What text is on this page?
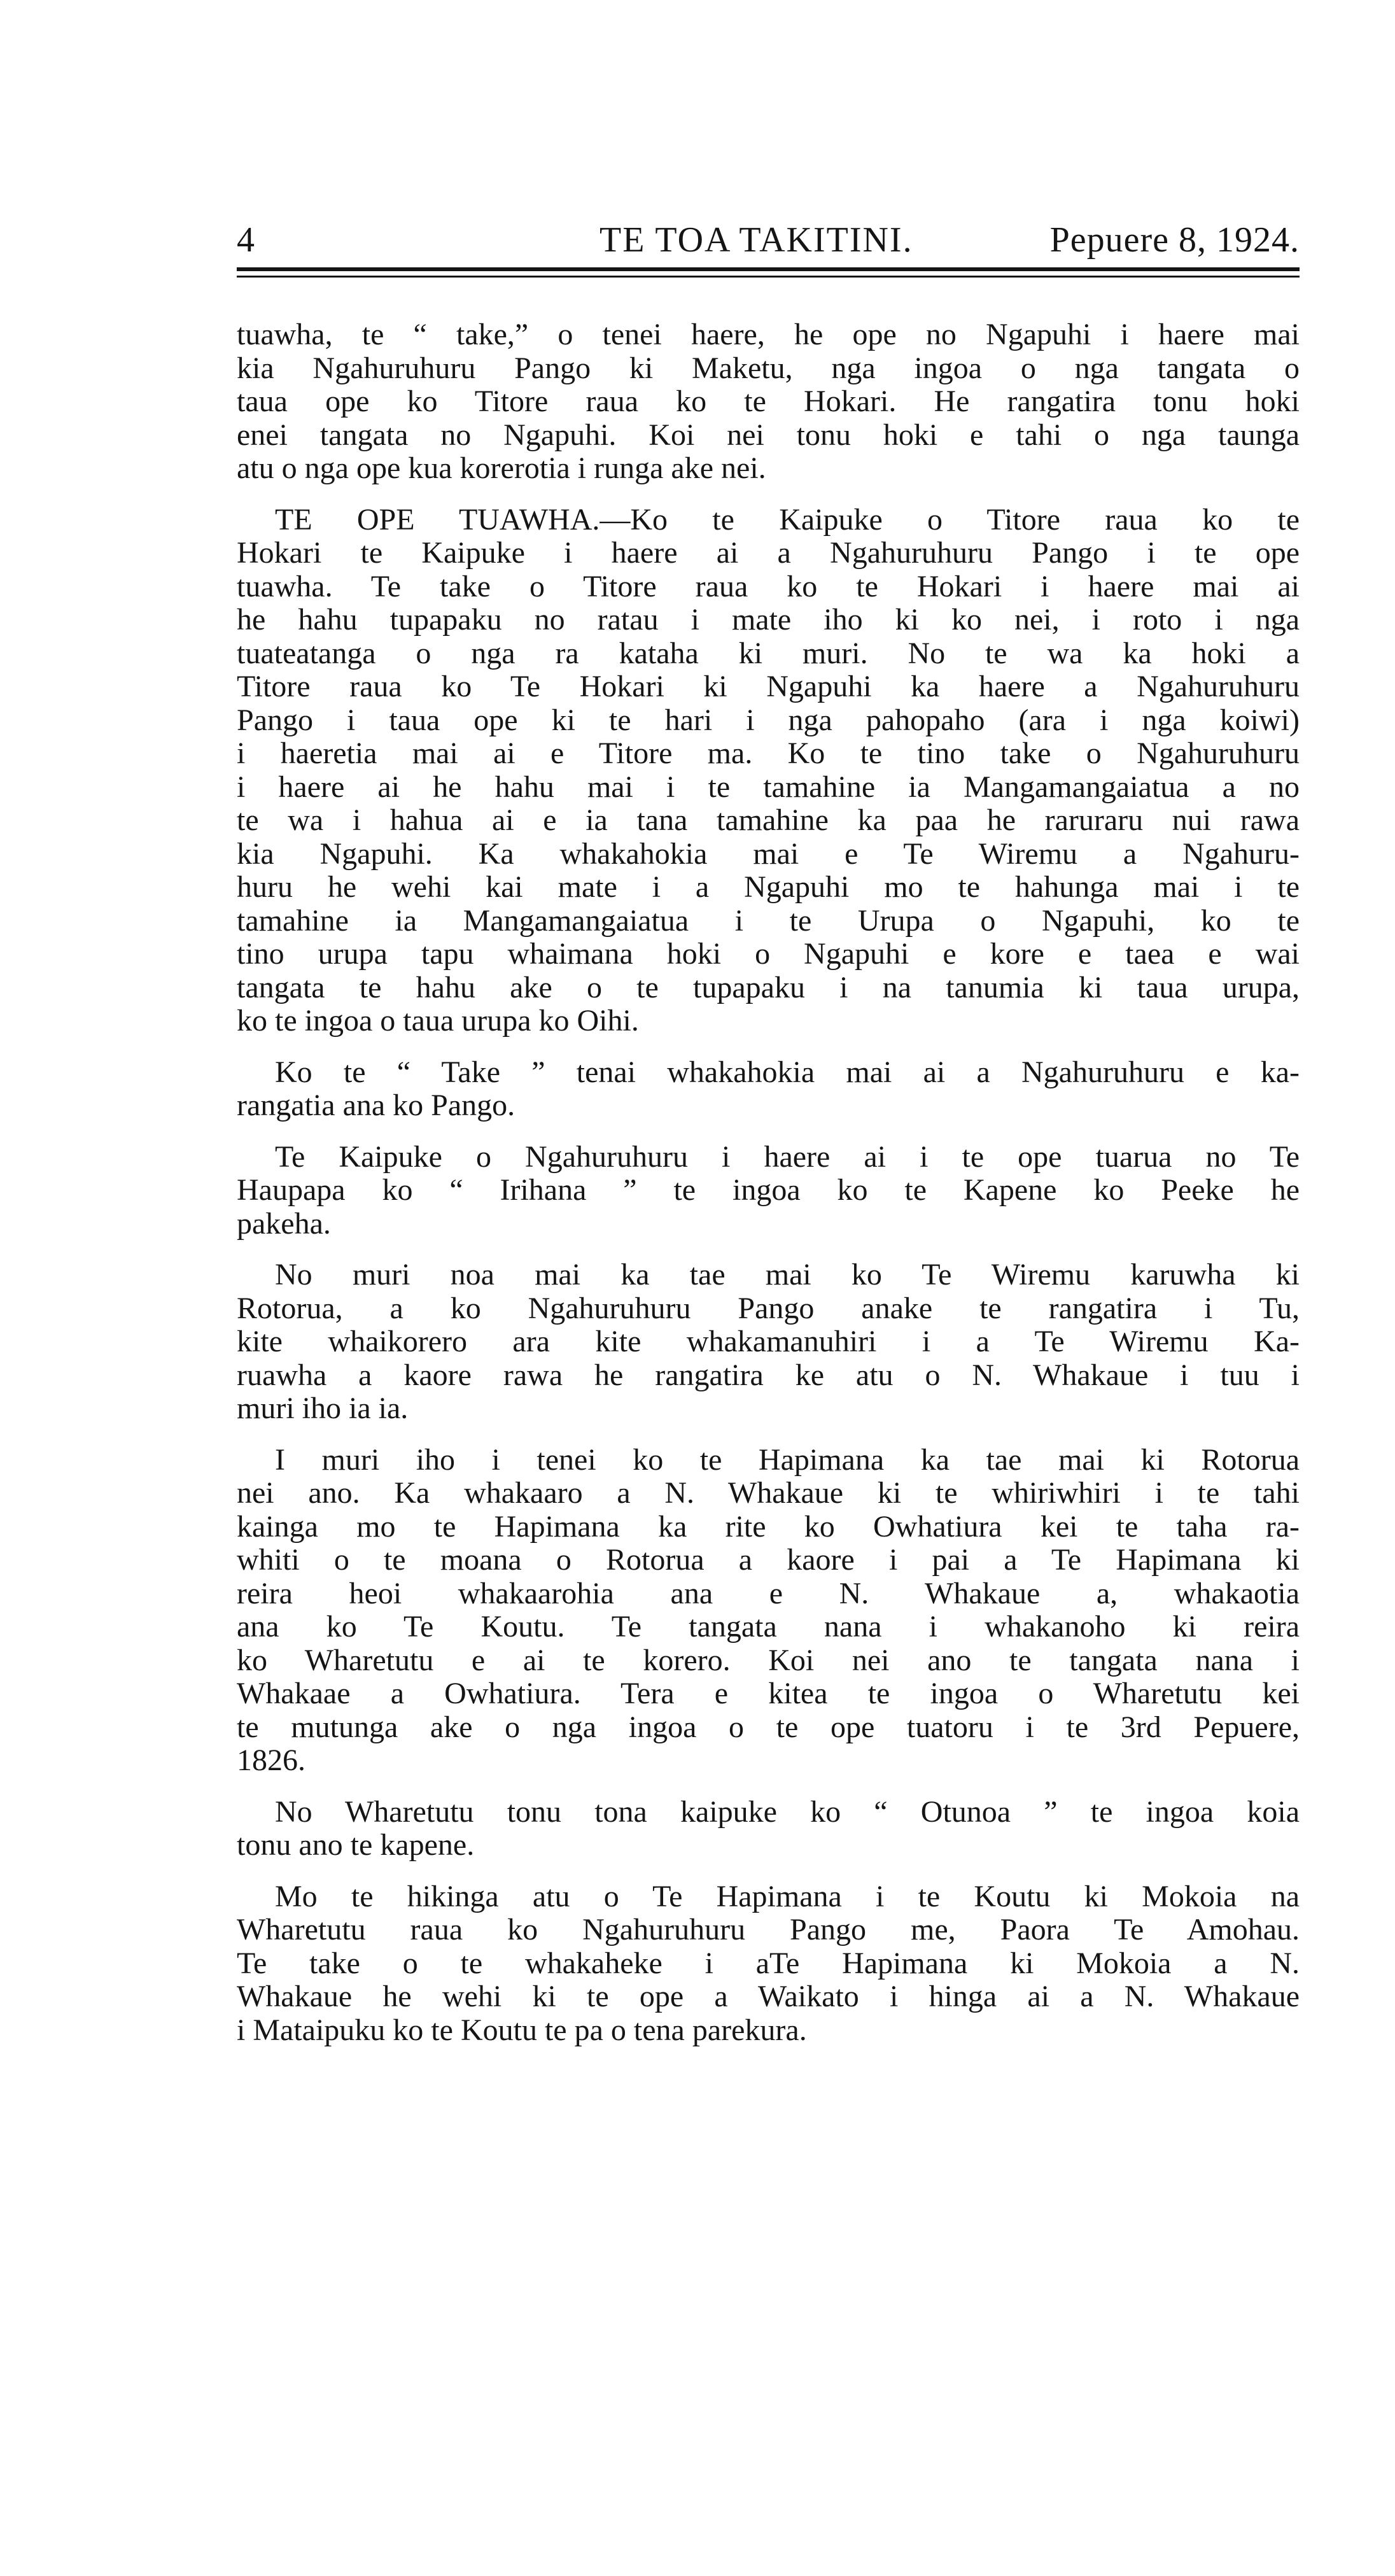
4	TE TOA TAKITINI.	Pepuere 8, 1924.

tuawha, te “ take,” o tenei haere, he ope no Ngapuhi i haere mai
kia Ngahuruhuru Pango ki Maketu, nga ingoa o nga tangata o
taua ope ko Titore raua ko te Hokari. He rangatira tonu hoki
enei tangata no Ngapuhi. Koi nei tonu hoki e tahi o nga taunga
atu o nga ope kua korerotia i runga ake nei.

TE OPE TUAWHA.—Ko te Kaipuke o Titore raua ko te
Hokari te Kaipuke i haere ai a Ngahuruhuru Pango i te ope
tuawha. Te take o Titore raua ko te Hokari i haere mai ai
he hahu tupapaku no ratau i mate iho ki ko nei, i roto i nga
tuateatanga o nga ra kataha ki muri. No te wa ka hoki a
Titore raua ko Te Hokari ki Ngapuhi ka haere a Ngahuruhuru
Pango i taua ope ki te hari i nga pahopaho (ara i nga koiwi)
i haeretia mai ai e Titore ma. Ko te tino take o Ngahuruhuru
i haere ai he hahu mai i te tamahine ia Mangamangaiatua a no
te wa i hahua ai e ia tana tamahine ka paa he raruraru nui rawa
kia Ngapuhi. Ka whakahokia mai e Te Wiremu a Ngahuru-
huru he wehi kai mate i a Ngapuhi mo te hahunga mai i te
tamahine ia Mangamangaiatua i te Urupa o Ngapuhi, ko te
tino urupa tapu whaimana hoki o Ngapuhi e kore e taea e wai
tangata te hahu ake o te tupapaku i na tanumia ki taua urupa,
ko te ingoa o taua urupa ko Oihi.

Ko te “ Take ” tenai whakahokia mai ai a Ngahuruhuru e ka-
rangatia ana ko Pango.

Te Kaipuke o Ngahuruhuru i haere ai i te ope tuarua no Te
Haupapa ko “ Irihana ” te ingoa ko te Kapene ko Peeke he
pakeha.

No muri noa mai ka tae mai ko Te Wiremu karuwha ki
Rotorua, a ko Ngahuruhuru Pango anake te rangatira i Tu,
kite whaikorero ara kite whakamanuhiri i a Te Wiremu Ka-
ruawha a kaore rawa he rangatira ke atu o N. Whakaue i tuu i
muri iho ia ia.

I muri iho i tenei ko te Hapimana ka tae mai ki Rotorua
nei ano. Ka whakaaro a N. Whakaue ki te whiriwhiri i te tahi
kainga mo te Hapimana ka rite ko Owhatiura kei te taha ra-
whiti o te moana o Rotorua a kaore i pai a Te Hapimana ki
reira heoi whakaarohia ana e N. Whakaue a, whakaotia
ana ko Te Koutu. Te tangata nana i whakanoho ki reira
ko Wharetutu e ai te korero. Koi nei ano te tangata nana i
Whakaae a Owhatiura. Tera e kitea te ingoa o Wharetutu kei
te mutunga ake o nga ingoa o te ope tuatoru i te 3rd Pepuere,
1826.

No Wharetutu tonu tona kaipuke ko “ Otunoa ” te ingoa koia
tonu ano te kapene.

Mo te hikinga atu o Te Hapimana i te Koutu ki Mokoia na
Wharetutu raua ko Ngahuruhuru Pango me, Paora Te Amohau.
Te take o te whakaheke i aTe Hapimana ki Mokoia a N.
Whakaue he wehi ki te ope a Waikato i hinga ai a N. Whakaue
i Mataipuku ko te Koutu te pa o tena parekura.
